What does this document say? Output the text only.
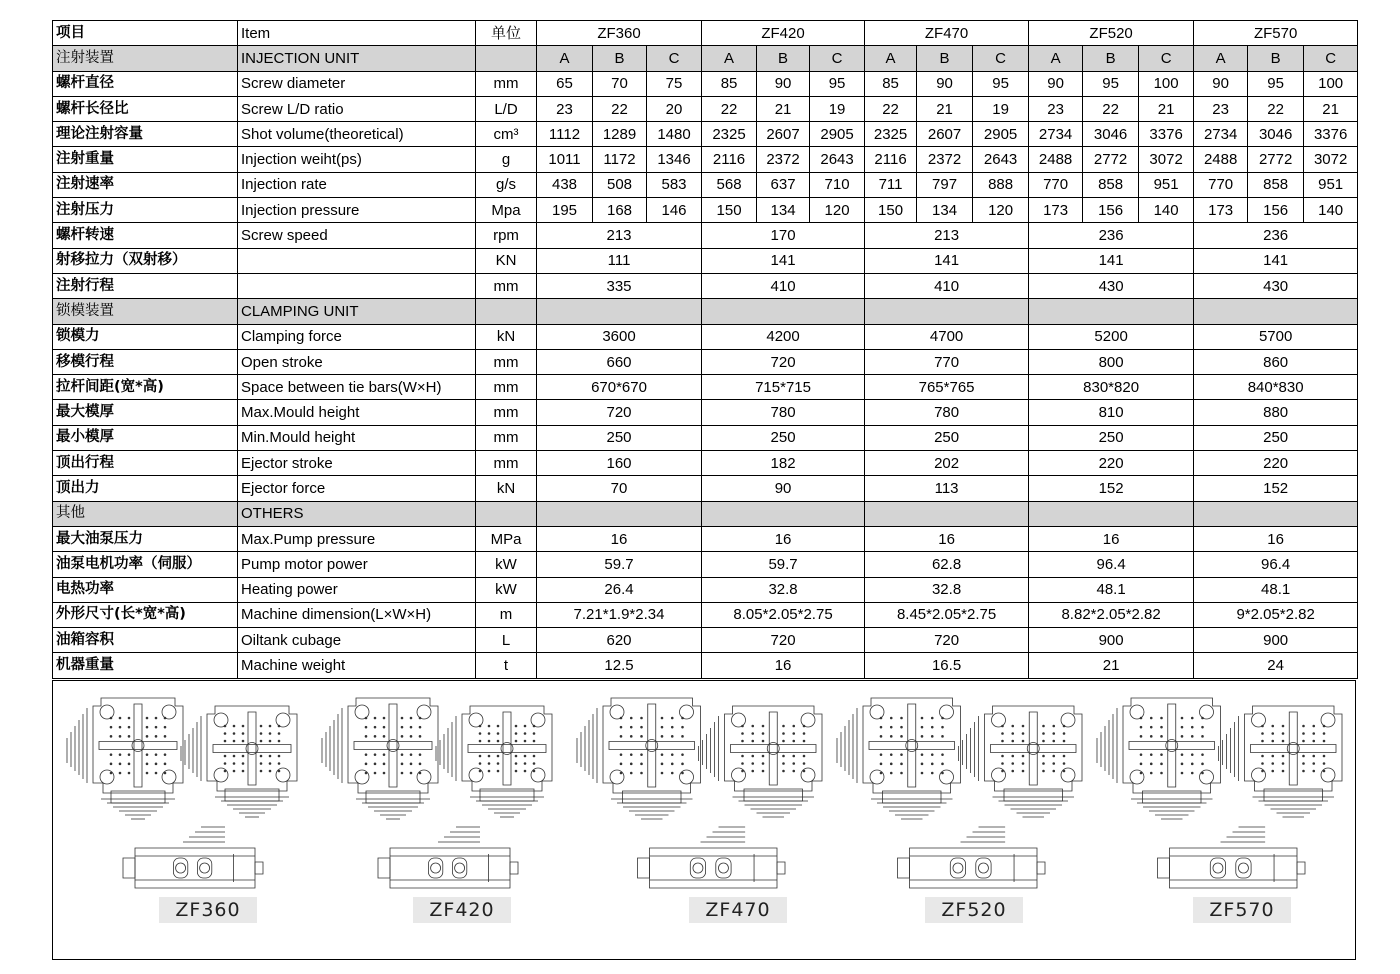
项目	Item	单位	ZF360			ZF420			ZF470			ZF520			ZF570		
注射装置	INJECTION UNIT		A	B	C	A	B	C	A	B	C	A	B	C	A	B	C
螺杆直径	Screw diameter	mm	65	70	75	85	90	95	85	90	95	90	95	100	90	95	100
螺杆长径比	Screw L/D ratio	L/D	23	22	20	22	21	19	22	21	19	23	22	21	23	22	21
理论注射容量	Shot volume(theoretical)	cm³	1112	1289	1480	2325	2607	2905	2325	2607	2905	2734	3046	3376	2734	3046	3376
注射重量	Injection weiht(ps)	g	1011	1172	1346	2116	2372	2643	2116	2372	2643	2488	2772	3072	2488	2772	3072
注射速率	Injection rate	g/s	438	508	583	568	637	710	711	797	888	770	858	951	770	858	951
注射压力	Injection pressure	Mpa	195	168	146	150	134	120	150	134	120	173	156	140	173	156	140
螺杆转速	Screw speed	rpm	213			170			213			236			236		
射移拉力（双射移）		KN	111			141			141			141			141		
注射行程		mm	335			410			410			430			430		
锁模装置	CLAMPING UNIT																
锁模力	Clamping force	kN	3600			4200			4700			5200			5700		
移模行程	Open stroke	mm	660			720			770			800			860		
拉杆间距(宽*高)	Space between tie bars(W×H)	mm	670*670			715*715			765*765			830*820			840*830		
最大模厚	Max.Mould height	mm	720			780			780			810			880		
最小模厚	Min.Mould height	mm	250			250			250			250			250		
顶出行程	Ejector stroke	mm	160			182			202			220			220		
顶出力	Ejector force	kN	70			90			113			152			152		
其他	OTHERS																
最大油泵压力	Max.Pump pressure	MPa	16			16			16			16			16		
油泵电机功率（伺服）	Pump motor power	kW	59.7			59.7			62.8			96.4			96.4		
电热功率	Heating power	kW	26.4			32.8			32.8			48.1			48.1		
外形尺寸(长*宽*高)	Machine dimension(L×W×H)	m	7.21*1.9*2.34			8.05*2.05*2.75			8.45*2.05*2.75			8.82*2.05*2.82			9*2.05*2.82		
油箱容积	Oiltank cubage	L	620			720			720			900			900		
机器重量	Machine weight	t	12.5			16			16.5			21			24		
ZF360	ZF420	ZF470	ZF520	ZF570
